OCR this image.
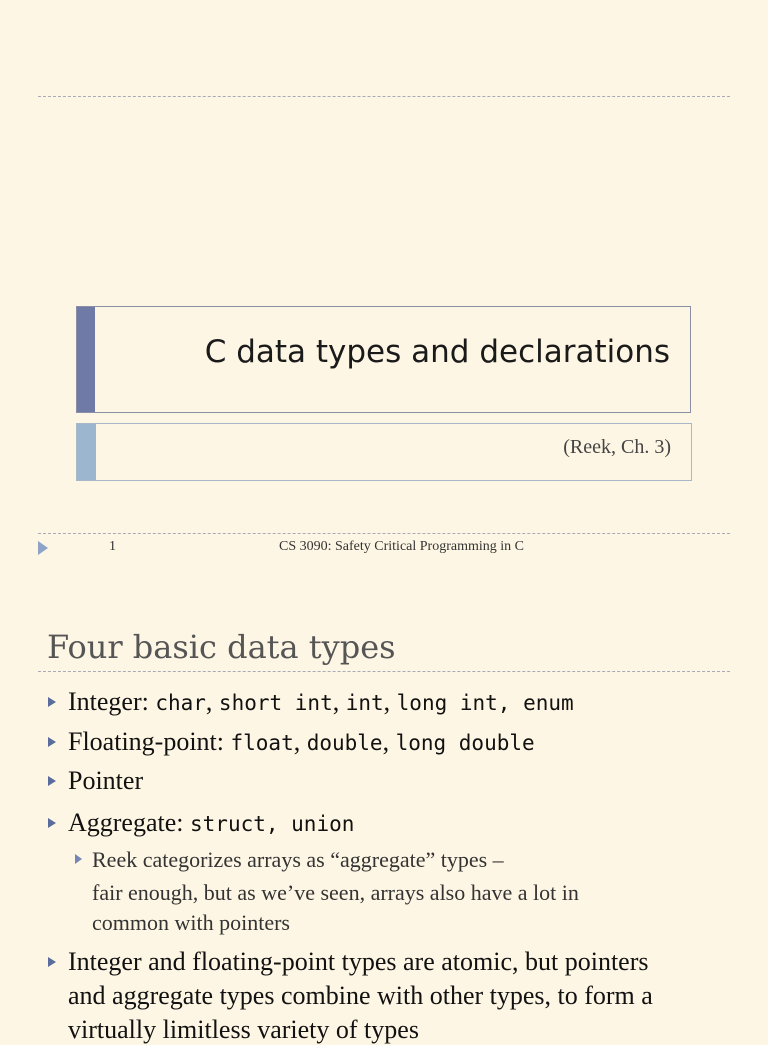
C data types and declarations
(Reek, Ch. 3)
1	CS 3090: Safety Critical Programming in C
Four basic data types
Integer: char, short int, int, long int, enum
Floating-point: float, double, long double
Pointer
Aggregate: struct, union
Reek categorizes arrays as “aggregate” types –
fair enough, but as we’ve seen, arrays also have a lot in
common with pointers
Integer and floating-point types are atomic, but pointers
and aggregate types combine with other types, to form a
virtually limitless variety of types
